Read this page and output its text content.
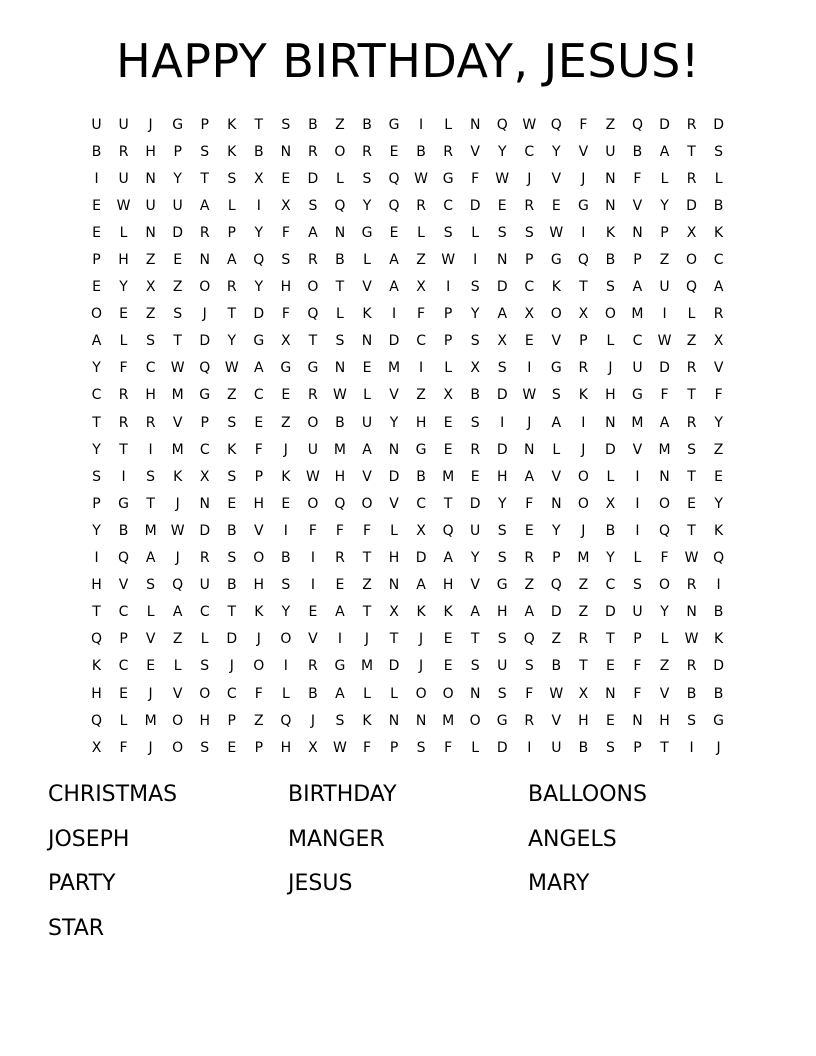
HAPPY BIRTHDAY, JESUS!
U	U	J	G	P	K	T	S	B	Z	B	G	I	L	N	Q	W	Q	F	Z	Q	D	R	D
B	R	H	P	S	K	B	N	R	O	R	E	B	R	V	Y	C	Y	V	U	B	A	T	S
I	U	N	Y	T	S	X	E	D	L	S	Q	W	G	F	W	J	V	J	N	F	L	R	L
E	W	U	U	A	L	I	X	S	Q	Y	Q	R	C	D	E	R	E	G	N	V	Y	D	B
E	L	N	D	R	P	Y	F	A	N	G	E	L	S	L	S	S	W	I	K	N	P	X	K
P	H	Z	E	N	A	Q	S	R	B	L	A	Z	W	I	N	P	G	Q	B	P	Z	O	C
E	Y	X	Z	O	R	Y	H	O	T	V	A	X	I	S	D	C	K	T	S	A	U	Q	A
O	E	Z	S	J	T	D	F	Q	L	K	I	F	P	Y	A	X	O	X	O	M	I	L	R
A	L	S	T	D	Y	G	X	T	S	N	D	C	P	S	X	E	V	P	L	C	W	Z	X
Y	F	C	W	Q	W	A	G	G	N	E	M	I	L	X	S	I	G	R	J	U	D	R	V
C	R	H	M	G	Z	C	E	R	W	L	V	Z	X	B	D	W	S	K	H	G	F	T	F
T	R	R	V	P	S	E	Z	O	B	U	Y	H	E	S	I	J	A	I	N	M	A	R	Y
Y	T	I	M	C	K	F	J	U	M	A	N	G	E	R	D	N	L	J	D	V	M	S	Z
S	I	S	K	X	S	P	K	W	H	V	D	B	M	E	H	A	V	O	L	I	N	T	E
P	G	T	J	N	E	H	E	O	Q	O	V	C	T	D	Y	F	N	O	X	I	O	E	Y
Y	B	M	W	D	B	V	I	F	F	F	L	X	Q	U	S	E	Y	J	B	I	Q	T	K
I	Q	A	J	R	S	O	B	I	R	T	H	D	A	Y	S	R	P	M	Y	L	F	W	Q
H	V	S	Q	U	B	H	S	I	E	Z	N	A	H	V	G	Z	Q	Z	C	S	O	R	I
T	C	L	A	C	T	K	Y	E	A	T	X	K	K	A	H	A	D	Z	D	U	Y	N	B
Q	P	V	Z	L	D	J	O	V	I	J	T	J	E	T	S	Q	Z	R	T	P	L	W	K
K	C	E	L	S	J	O	I	R	G	M	D	J	E	S	U	S	B	T	E	F	Z	R	D
H	E	J	V	O	C	F	L	B	A	L	L	O	O	N	S	F	W	X	N	F	V	B	B
Q	L	M	O	H	P	Z	Q	J	S	K	N	N	M	O	G	R	V	H	E	N	H	S	G
X	F	J	O	S	E	P	H	X	W	F	P	S	F	L	D	I	U	B	S	P	T	I	J
CHRISTMAS	BIRTHDAY	BALLOONS
JOSEPH	MANGER	ANGELS
PARTY	JESUS	MARY
STAR
